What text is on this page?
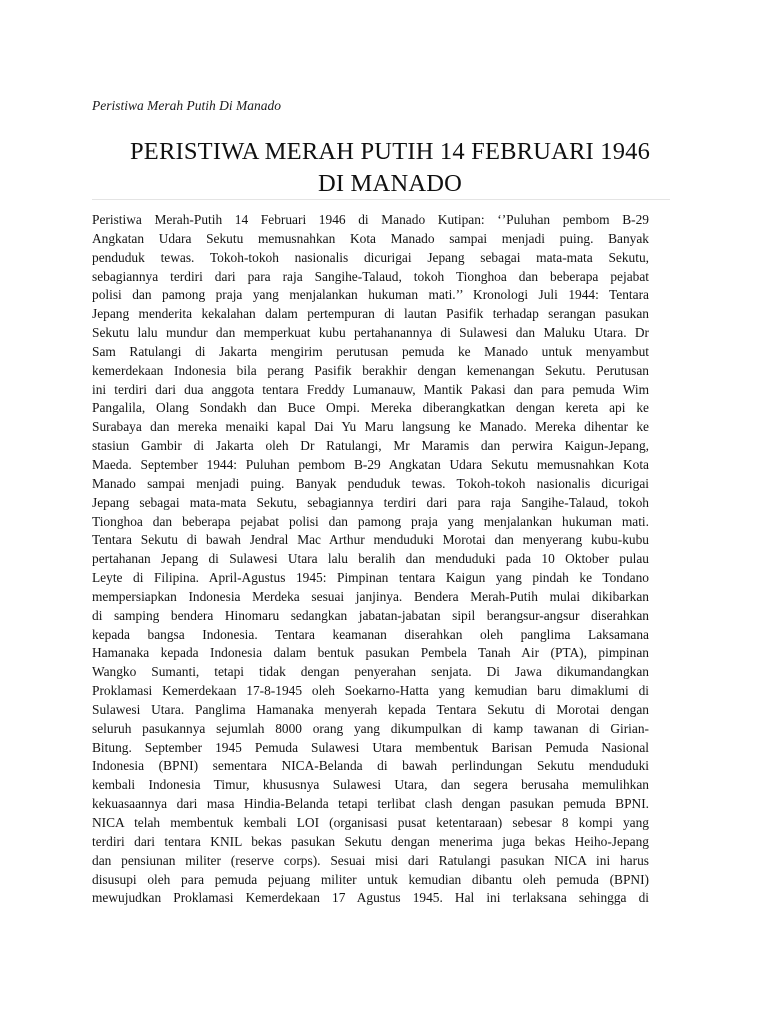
Peristiwa Merah Putih Di Manado
PERISTIWA MERAH PUTIH 14 FEBRUARI 1946
DI MANADO
Peristiwa Merah-Putih 14 Februari 1946 di Manado Kutipan: ‘’Puluhan pembom B-29
Angkatan Udara Sekutu memusnahkan Kota Manado sampai menjadi puing. Banyak
penduduk tewas. Tokoh-tokoh nasionalis dicurigai Jepang sebagai mata-mata Sekutu,
sebagiannya terdiri dari para raja Sangihe-Talaud, tokoh Tionghoa dan beberapa pejabat
polisi dan pamong praja yang menjalankan hukuman mati.’’ Kronologi Juli 1944: Tentara
Jepang menderita kekalahan dalam pertempuran di lautan Pasifik terhadap serangan pasukan
Sekutu lalu mundur dan memperkuat kubu pertahanannya di Sulawesi dan Maluku Utara. Dr
Sam Ratulangi di Jakarta mengirim perutusan pemuda ke Manado untuk menyambut
kemerdekaan Indonesia bila perang Pasifik berakhir dengan kemenangan Sekutu. Perutusan
ini terdiri dari dua anggota tentara Freddy Lumanauw, Mantik Pakasi dan para pemuda Wim
Pangalila, Olang Sondakh dan Buce Ompi. Mereka diberangkatkan dengan kereta api ke
Surabaya dan mereka menaiki kapal Dai Yu Maru langsung ke Manado. Mereka dihentar ke
stasiun Gambir di Jakarta oleh Dr Ratulangi, Mr Maramis dan perwira Kaigun-Jepang,
Maeda. September 1944: Puluhan pembom B-29 Angkatan Udara Sekutu memusnahkan Kota
Manado sampai menjadi puing. Banyak penduduk tewas. Tokoh-tokoh nasionalis dicurigai
Jepang sebagai mata-mata Sekutu, sebagiannya terdiri dari para raja Sangihe-Talaud, tokoh
Tionghoa dan beberapa pejabat polisi dan pamong praja yang menjalankan hukuman mati.
Tentara Sekutu di bawah Jendral Mac Arthur menduduki Morotai dan menyerang kubu-kubu
pertahanan Jepang di Sulawesi Utara lalu beralih dan menduduki pada 10 Oktober pulau
Leyte di Filipina. April-Agustus 1945: Pimpinan tentara Kaigun yang pindah ke Tondano
mempersiapkan Indonesia Merdeka sesuai janjinya. Bendera Merah-Putih mulai dikibarkan
di samping bendera Hinomaru sedangkan jabatan-jabatan sipil berangsur-angsur diserahkan
kepada bangsa Indonesia. Tentara keamanan diserahkan oleh panglima Laksamana
Hamanaka kepada Indonesia dalam bentuk pasukan Pembela Tanah Air (PTA), pimpinan
Wangko Sumanti, tetapi tidak dengan penyerahan senjata. Di Jawa dikumandangkan
Proklamasi Kemerdekaan 17-8-1945 oleh Soekarno-Hatta yang kemudian baru dimaklumi di
Sulawesi Utara. Panglima Hamanaka menyerah kepada Tentara Sekutu di Morotai dengan
seluruh pasukannya sejumlah 8000 orang yang dikumpulkan di kamp tawanan di Girian-
Bitung. September 1945 Pemuda Sulawesi Utara membentuk Barisan Pemuda Nasional
Indonesia (BPNI) sementara NICA-Belanda di bawah perlindungan Sekutu menduduki
kembali Indonesia Timur, khususnya Sulawesi Utara, dan segera berusaha memulihkan
kekuasaannya dari masa Hindia-Belanda tetapi terlibat clash dengan pasukan pemuda BPNI.
NICA telah membentuk kembali LOI (organisasi pusat ketentaraan) sebesar 8 kompi yang
terdiri dari tentara KNIL bekas pasukan Sekutu dengan menerima juga bekas Heiho-Jepang
dan pensiunan militer (reserve corps). Sesuai misi dari Ratulangi pasukan NICA ini harus
disusupi oleh para pemuda pejuang militer untuk kemudian dibantu oleh pemuda (BPNI)
mewujudkan Proklamasi Kemerdekaan 17 Agustus 1945. Hal ini terlaksana sehingga di
